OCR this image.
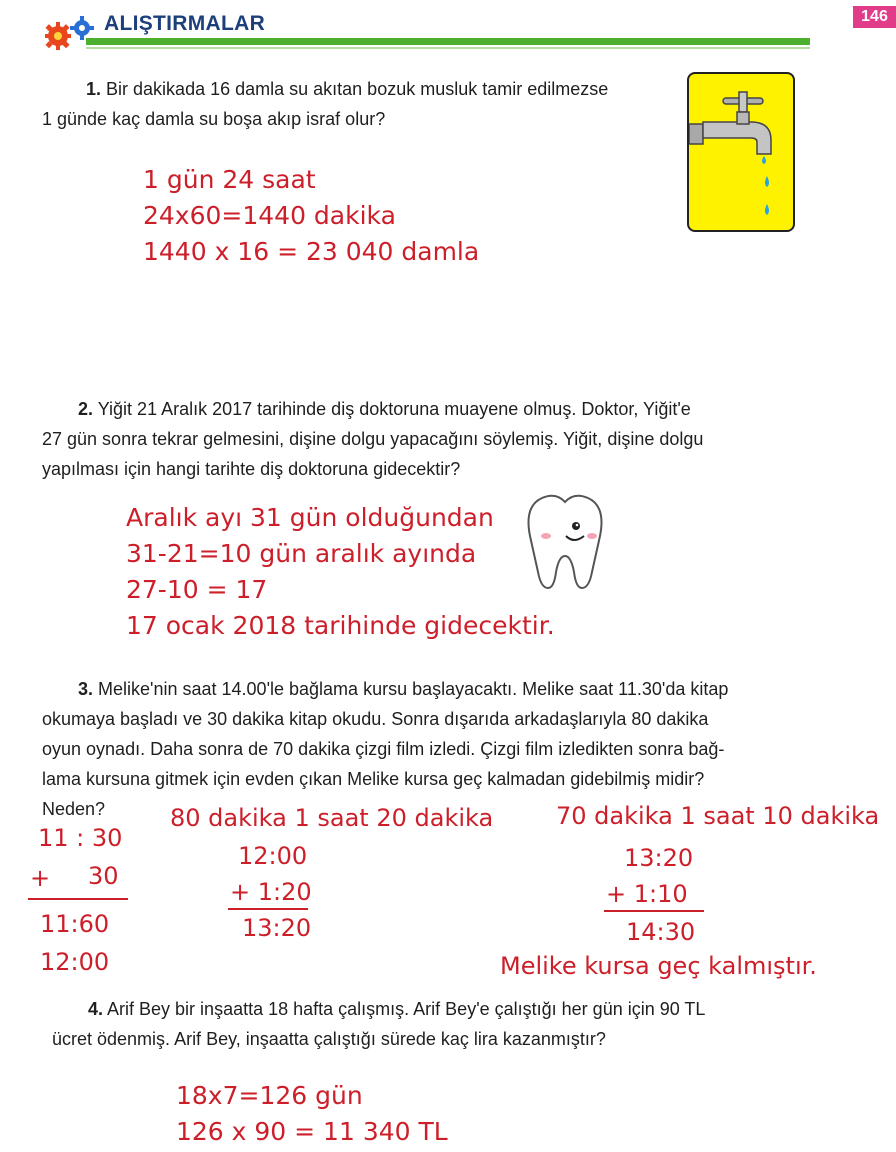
ALIŞTIRMALAR	146
1. Bir dakikada 16 damla su akıtan bozuk musluk tamir edilmezse
1 günde kaç damla su boşa akıp israf olur?
1 gün 24 saat
24x60=1440 dakika
1440 x 16 = 23 040 damla
2. Yiğit 21 Aralık 2017 tarihinde diş doktoruna muayene olmuş. Doktor, Yiğit'e
27 gün sonra tekrar gelmesini, dişine dolgu yapacağını söylemiş. Yiğit, dişine dolgu
yapılması için hangi tarihte diş doktoruna gidecektir?
Aralık ayı 31 gün olduğundan
31-21=10 gün aralık ayında
27-10 = 17
17 ocak 2018 tarihinde gidecektir.
3. Melike'nin saat 14.00'le bağlama kursu başlayacaktı. Melike saat 11.30'da kitap
okumaya başladı ve 30 dakika kitap okudu. Sonra dışarıda arkadaşlarıyla 80 dakika
oyun oynadı. Daha sonra de 70 dakika çizgi film izledi. Çizgi film izledikten sonra bağ-
lama kursuna gitmek için evden çıkan Melike kursa geç kalmadan gidebilmiş midir?
Neden?
11 : 30
+ 30
11:60
12:00
80 dakika 1 saat 20 dakika
12:00
+ 1:20
13:20
70 dakika 1 saat 10 dakika
13:20
+ 1:10
14:30
Melike kursa geç kalmıştır.
4. Arif Bey bir inşaatta 18 hafta çalışmış. Arif Bey'e çalıştığı her gün için 90 TL
ücret ödenmiş. Arif Bey, inşaatta çalıştığı sürede kaç lira kazanmıştır?
18x7=126 gün
126 x 90 = 11 340 TL
